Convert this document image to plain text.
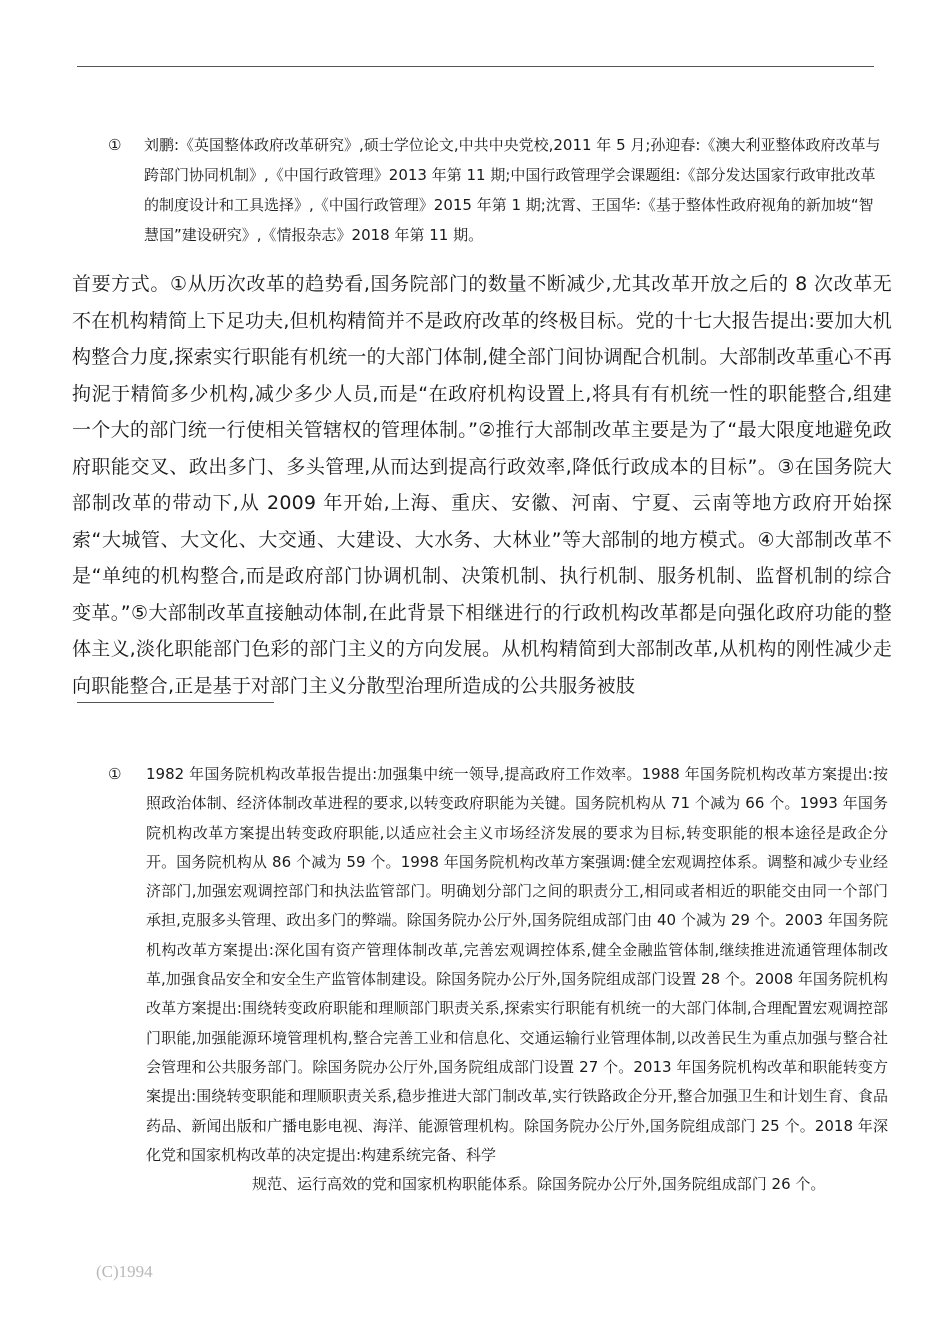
① 刘鹏:《英国整体政府改革研究》,硕士学位论文,中共中央党校,2011 年 5 月;孙迎春:《澳大利亚整体政府改革与跨部门协同机制》,《中国行政管理》2013 年第 11 期;中国行政管理学会课题组:《部分发达国家行政审批改革的制度设计和工具选择》,《中国行政管理》2015 年第 1 期;沈霄、王国华:《基于整体性政府视角的新加坡“智慧国”建设研究》,《情报杂志》2018 年第 11 期。
首要方式。①从历次改革的趋势看,国务院部门的数量不断减少,尤其改革开放之后的 8 次改革无不在机构精简上下足功夫,但机构精简并不是政府改革的终极目标。党的十七大报告提出:要加大机构整合力度,探索实行职能有机统一的大部门体制,健全部门间协调配合机制。大部制改革重心不再拘泥于精简多少机构,减少多少人员,而是“在政府机构设置上,将具有有机统一性的职能整合,组建一个大的部门统一行使相关管辖权的管理体制。”②推行大部制改革主要是为了“最大限度地避免政府职能交叉、政出多门、多头管理,从而达到提高行政效率,降低行政成本的目标”。③在国务院大部制改革的带动下,从 2009 年开始,上海、重庆、安徽、河南、宁夏、云南等地方政府开始探索“大城管、大文化、大交通、大建设、大水务、大林业”等大部制的地方模式。④大部制改革不是“单纯的机构整合,而是政府部门协调机制、决策机制、执行机制、服务机制、监督机制的综合变革。”⑤大部制改革直接触动体制,在此背景下相继进行的行政机构改革都是向强化政府功能的整体主义,淡化职能部门色彩的部门主义的方向发展。从机构精简到大部制改革,从机构的刚性减少走向职能整合,正是基于对部门主义分散型治理所造成的公共服务被肢
① 1982 年国务院机构改革报告提出:加强集中统一领导,提高政府工作效率。1988 年国务院机构改革方案提出:按照政治体制、经济体制改革进程的要求,以转变政府职能为关键。国务院机构从 71 个减为 66 个。1993 年国务院机构改革方案提出转变政府职能,以适应社会主义市场经济发展的要求为目标,转变职能的根本途径是政企分开。国务院机构从 86 个减为 59 个。1998 年国务院机构改革方案强调:健全宏观调控体系。调整和减少专业经济部门,加强宏观调控部门和执法监管部门。明确划分部门之间的职责分工,相同或者相近的职能交由同一个部门承担,克服多头管理、政出多门的弊端。除国务院办公厅外,国务院组成部门由 40 个减为 29 个。2003 年国务院机构改革方案提出:深化国有资产管理体制改革,完善宏观调控体系,健全金融监管体制,继续推进流通管理体制改革,加强食品安全和安全生产监管体制建设。除国务院办公厅外,国务院组成部门设置 28 个。2008 年国务院机构改革方案提出:围绕转变政府职能和理顺部门职责关系,探索实行职能有机统一的大部门体制,合理配置宏观调控部门职能,加强能源环境管理机构,整合完善工业和信息化、交通运输行业管理体制,以改善民生为重点加强与整合社会管理和公共服务部门。除国务院办公厅外,国务院组成部门设置 27 个。2013 年国务院机构改革和职能转变方案提出:围绕转变职能和理顺职责关系,稳步推进大部门制改革,实行铁路政企分开,整合加强卫生和计划生育、食品药品、新闻出版和广播电影电视、海洋、能源管理机构。除国务院办公厅外,国务院组成部门 25 个。2018 年深化党和国家机构改革的决定提出:构建系统完备、科学
规范、运行高效的党和国家机构职能体系。除国务院办公厅外,国务院组成部门 26 个。
(C)1994
